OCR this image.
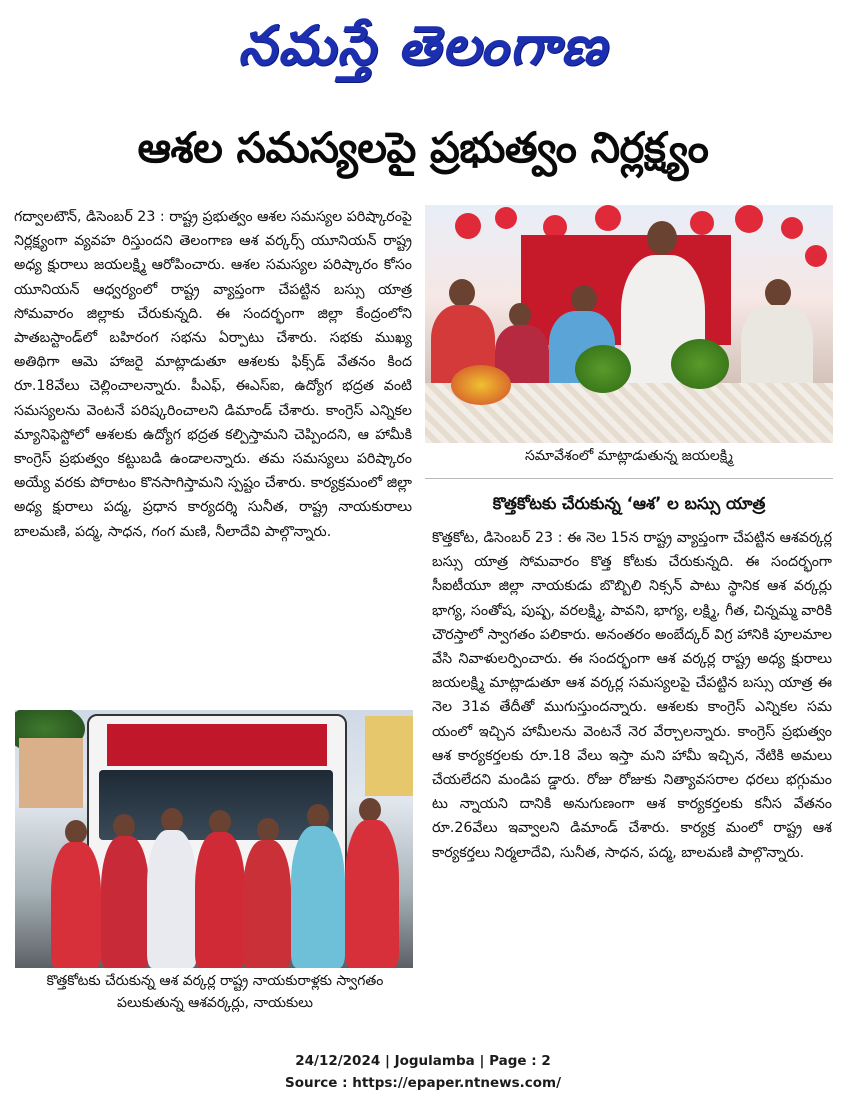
నమస్తే తెలంగాణ
ఆశల సమస్యలపై ప్రభుత్వం నిర్లక్ష్యం

గద్వాలటౌన్, డిసెంబర్ 23 : రాష్ట్ర ప్రభుత్వం ఆశల సమస్యల పరిష్కారంపై నిర్లక్ష్యంగా వ్యవహ రిస్తుందని తెలంగాణ ఆశ వర్కర్స్ యూనియన్ రాష్ట్ర అధ్య క్షురాలు జయలక్ష్మి ఆరోపించారు. ఆశల సమస్యల పరిష్కారం కోసం యూనియన్ ఆధ్వర్యంలో రాష్ట్ర వ్యాప్తంగా చేపట్టిన బస్సు యాత్ర సోమవారం జిల్లాకు చేరుకున్నది. ఈ సందర్భంగా జిల్లా కేంద్రంలోని పాతబస్టాండ్‌లో బహిరంగ సభను ఏర్పాటు చేశారు. సభకు ముఖ్య అతిథిగా ఆమె హాజరై మాట్లాడుతూ ఆశలకు ఫిక్స్‌డ్ వేతనం కింద రూ.18వేలు చెల్లించాలన్నారు. పీఎఫ్, ఈఎస్ఐ, ఉద్యోగ భద్రత వంటి సమస్యలను వెంటనే పరిష్కరించాలని డిమాండ్ చేశారు. కాంగ్రెస్ ఎన్నికల మ్యానిఫెస్టోలో ఆశలకు ఉద్యోగ భద్రత కల్పిస్తామని చెప్పిందని, ఆ హామీకి కాంగ్రెస్ ప్రభుత్వం కట్టుబడి ఉండాలన్నారు. తమ సమస్యలు పరిష్కారం అయ్యే వరకు పోరాటం కొనసాగిస్తామని స్పష్టం చేశారు. కార్యక్రమంలో జిల్లా అధ్య క్షురాలు పద్మ, ప్రధాన కార్యదర్శి సునీత, రాష్ట్ర నాయకురాలు బాలమణి, పద్మ, సాధన, గంగ మణి, నీలాదేవి పాల్గొన్నారు.

సమావేశంలో మాట్లాడుతున్న జయలక్ష్మి

కొత్తకోటకు చేరుకున్న ‘ఆశ’ ల బస్సు యాత్ర

కొత్తకోట, డిసెంబర్ 23 : ఈ నెల 15న రాష్ట్ర వ్యాప్తంగా చేపట్టిన ఆశవర్కర్ల బస్సు యాత్ర సోమవారం కొత్త కోటకు చేరుకున్నది. ఈ సందర్భంగా సీఐటీయూ జిల్లా నాయకుడు బొబ్బిలి నిక్సన్ పాటు స్థానిక ఆశ వర్కర్లు భాగ్య, సంతోష, పుష్ప, వరలక్ష్మి, పావని, భాగ్య, లక్ష్మి, గీత, చిన్నమ్మ వారికి చౌరస్తాలో స్వాగతం పలికారు. అనంతరం అంబేద్కర్ విగ్ర హానికి పూలమాల వేసి నివాళులర్పించారు. ఈ సందర్భంగా ఆశ వర్కర్ల రాష్ట్ర అధ్య క్షురాలు జయలక్ష్మి మాట్లాడుతూ ఆశ వర్కర్ల సమస్యలపై చేపట్టిన బస్సు యాత్ర ఈ నెల 31వ తేదీతో ముగుస్తుందన్నారు. ఆశలకు కాంగ్రెస్ ఎన్నికల సమ యంలో ఇచ్చిన హామీలను వెంటనే నెర వేర్చాలన్నారు. కాంగ్రెస్ ప్రభుత్వం ఆశ కార్యకర్తలకు రూ.18 వేలు ఇస్తా మని హామీ ఇచ్చిన, నేటికి అమలు చేయలేదని మండిప డ్డారు. రోజు రోజుకు నిత్యావసరాల ధరలు భగ్గుమం టు న్నాయని దానికి అనుగుణంగా ఆశ కార్యకర్తలకు కనీస వేతనం రూ.26వేలు ఇవ్వాలని డిమాండ్ చేశారు. కార్యక్ర మంలో రాష్ట్ర ఆశ కార్యకర్తలు నిర్మలాదేవి, సునీత, సాధన, పద్మ, బాలమణి పాల్గొన్నారు.

కొత్తకోటకు చేరుకున్న ఆశ వర్కర్ల రాష్ట్ర నాయకురాళ్లకు స్వాగతం పలుకుతున్న ఆశవర్కర్లు, నాయకులు

24/12/2024 | Jogulamba | Page : 2
Source : https://epaper.ntnews.com/
